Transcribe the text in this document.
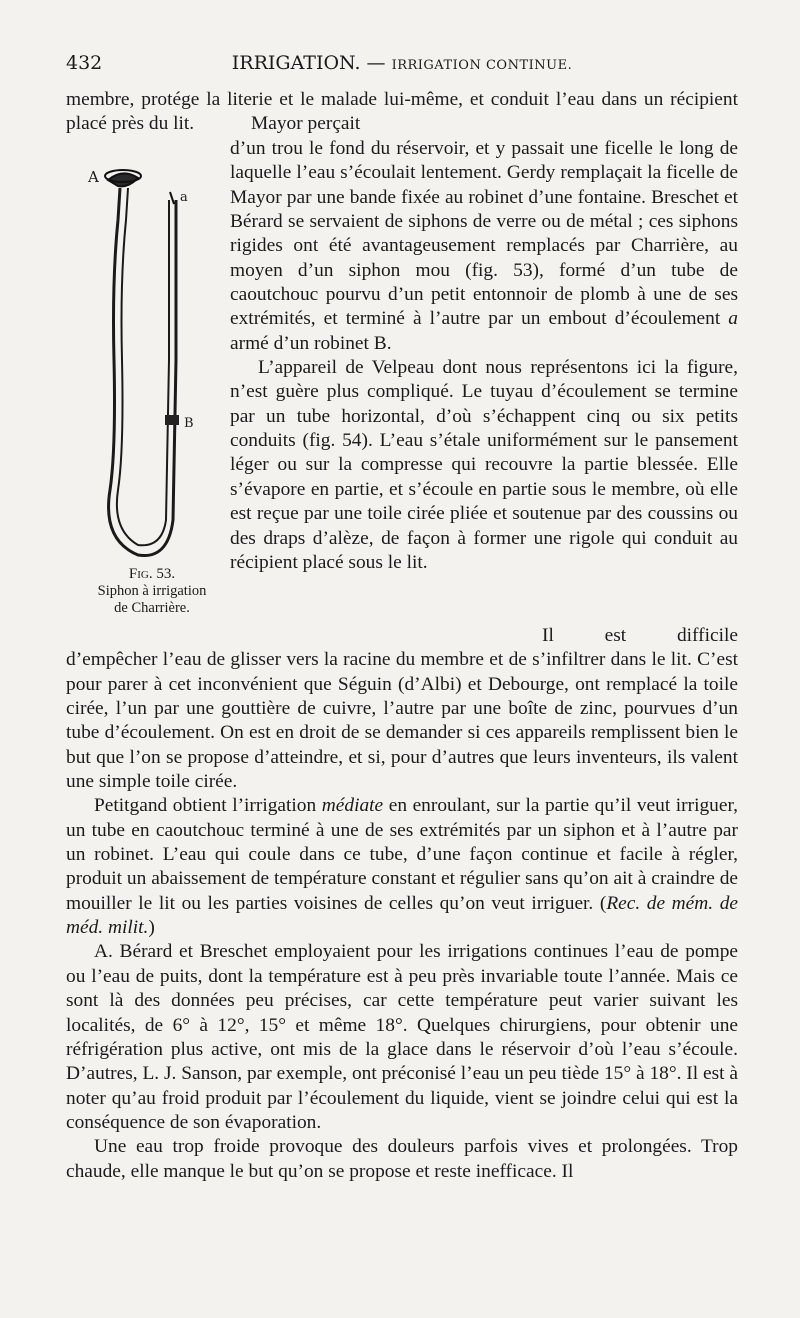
432	IRRIGATION. — IRRIGATION CONTINUE.

membre, protége la literie et le malade lui-même, et conduit l’eau dans un récipient placé près du lit.	Mayor perçait

d’un trou le fond du réservoir, et y passait une ficelle le long de laquelle l’eau s’écoulait lentement. Gerdy remplaçait la ficelle de Mayor par une bande fixée au robinet d’une fontaine. Breschet et Bérard se servaient de siphons de verre ou de métal ; ces siphons rigides ont été avantageusement remplacés par Charrière, au moyen d’un siphon mou (fig. 53), formé d’un tube de caoutchouc pourvu d’un petit entonnoir de plomb à une de ses extrémités, et terminé à l’autre par un embout d’écoulement a armé d’un robinet B.
L’appareil de Velpeau dont nous représentons ici la figure, n’est guère plus compliqué. Le tuyau d’écoulement se termine par un tube horizontal, d’où s’échappent cinq ou six petits conduits (fig. 54). L’eau s’étale uniformément sur le pansement léger ou sur la compresse qui recouvre la partie blessée. Elle s’évapore en partie, et s’écoule en partie sous le membre, où elle est reçue par une toile cirée pliée et soutenue par des coussins ou des draps d’alèze, de façon à former une rigole qui conduit au récipient placé sous le lit.

A
a
B
Fig. 53.
Siphon à irrigation
de Charrière.

Il est difficile d’empêcher l’eau de glisser vers la racine du membre et de s’infiltrer dans le lit. C’est pour parer à cet inconvénient que Séguin (d’Albi) et Debourge, ont remplacé la toile cirée, l’un par une gouttière de cuivre, l’autre par une boîte de zinc, pourvues d’un tube d’écoulement. On est en droit de se demander si ces appareils remplissent bien le but que l’on se propose d’atteindre, et si, pour d’autres que leurs inventeurs, ils valent une simple toile cirée.

Petitgand obtient l’irrigation médiate en enroulant, sur la partie qu’il veut irriguer, un tube en caoutchouc terminé à une de ses extrémités par un siphon et à l’autre par un robinet. L’eau qui coule dans ce tube, d’une façon continue et facile à régler, produit un abaissement de température constant et régulier sans qu’on ait à craindre de mouiller le lit ou les parties voisines de celles qu’on veut irriguer. (Rec. de mém. de méd. milit.)

A. Bérard et Breschet employaient pour les irrigations continues l’eau de pompe ou l’eau de puits, dont la température est à peu près invariable toute l’année. Mais ce sont là des données peu précises, car cette température peut varier suivant les localités, de 6° à 12°, 15° et même 18°. Quelques chirurgiens, pour obtenir une réfrigération plus active, ont mis de la glace dans le réservoir d’où l’eau s’écoule. D’autres, L. J. Sanson, par exemple, ont préconisé l’eau un peu tiède 15° à 18°. Il est à noter qu’au froid produit par l’écoulement du liquide, vient se joindre celui qui est la conséquence de son évaporation.

Une eau trop froide provoque des douleurs parfois vives et prolongées. Trop chaude, elle manque le but qu’on se propose et reste inefficace. Il
